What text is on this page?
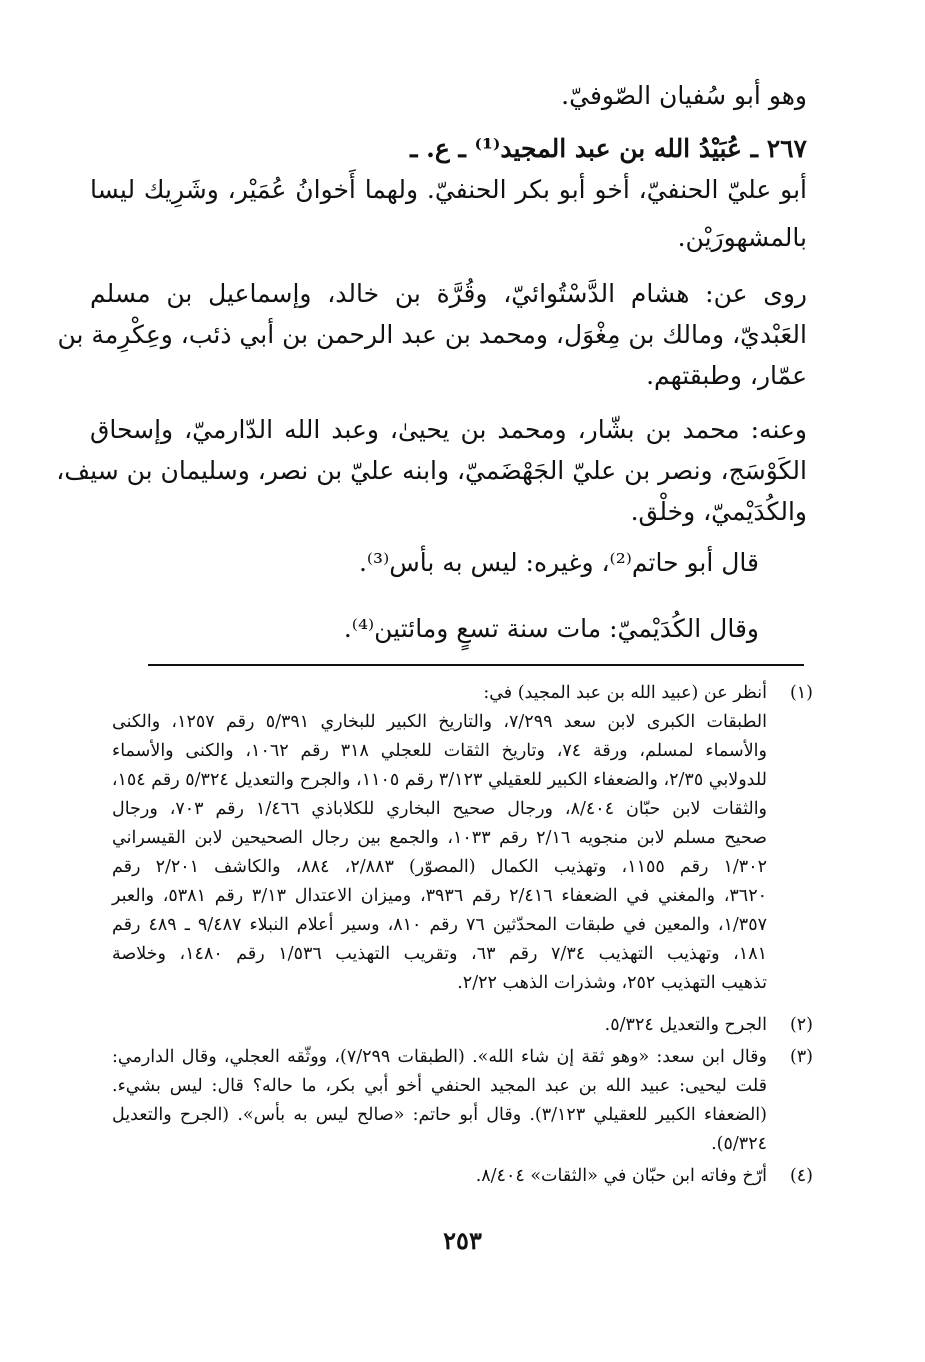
وهو أبو سُفيان الصّوفيّ.
٢٦٧ ـ عُبَيْدُ الله بن عبد المجيد⁽¹⁾ ـ ع. ـ
أبو عليّ الحنفيّ، أخو أبو بكر الحنفيّ. ولهما أَخوانُ عُمَيْر، وشَرِيك ليسا
بالمشهورَيْن.
روى عن: هشام الدَّسْتُوائيّ، وقُرَّة بن خالد، وإسماعيل بن مسلم
العَبْديّ، ومالك بن مِغْوَل، ومحمد بن عبد الرحمن بن أبي ذئب، وعِكْرِمة بن
عمّار، وطبقتهم.
وعنه: محمد بن بشّار، ومحمد بن يحيىٰ، وعبد الله الدّارميّ، وإسحاق
الكَوْسَج، ونصر بن عليّ الجَهْضَميّ، وابنه عليّ بن نصر، وسليمان بن سيف،
والكُدَيْميّ، وخلْق.
قال أبو حاتم⁽²⁾، وغيره: ليس به بأس⁽³⁾.
وقال الكُدَيْميّ: مات سنة تسعٍ ومائتين⁽⁴⁾.
(١)
أنظر عن (عبيد الله بن عبد المجيد) في:
الطبقات الكبرى لابن سعد ٧/٢٩٩، والتاريخ الكبير للبخاري ٥/٣٩١ رقم ١٢٥٧، والكنى
والأسماء لمسلم، ورقة ٧٤، وتاريخ الثقات للعجلي ٣١٨ رقم ١٠٦٢، والكنى والأسماء
للدولابي ٢/٣٥، والضعفاء الكبير للعقيلي ٣/١٢٣ رقم ١١٠٥، والجرح والتعديل ٥/٣٢٤ رقم ١٥٤،
والثقات لابن حبّان ٨/٤٠٤، ورجال صحيح البخاري للكلاباذي ١/٤٦٦ رقم ٧٠٣، ورجال
صحيح مسلم لابن منجويه ٢/١٦ رقم ١٠٣٣، والجمع بين رجال الصحيحين لابن القيسراني
١/٣٠٢ رقم ١١٥٥، وتهذيب الكمال (المصوّر) ٢/٨٨٣، ٨٨٤، والكاشف ٢/٢٠١ رقم
٣٦٢٠، والمغني في الضعفاء ٢/٤١٦ رقم ٣٩٣٦، وميزان الاعتدال ٣/١٣ رقم ٥٣٨١، والعبر
١/٣٥٧، والمعين في طبقات المحدّثين ٧٦ رقم ٨١٠، وسير أعلام النبلاء ٩/٤٨٧ ـ ٤٨٩ رقم
١٨١، وتهذيب التهذيب ٧/٣٤ رقم ٦٣، وتقريب التهذيب ١/٥٣٦ رقم ١٤٨٠، وخلاصة
تذهيب التهذيب ٢٥٢، وشذرات الذهب ٢/٢٢.
(٢)
الجرح والتعديل ٥/٣٢٤.
(٣)
وقال ابن سعد: «وهو ثقة إن شاء الله». (الطبقات ٧/٢٩٩)، ووثّقه العجلي، وقال الدارمي:
قلت ليحيى: عبيد الله بن عبد المجيد الحنفي أخو أبي بكر، ما حاله؟ قال: ليس بشيء.
(الضعفاء الكبير للعقيلي ٣/١٢٣). وقال أبو حاتم: «صالح ليس به بأس». (الجرح والتعديل
٥/٣٢٤).
(٤)
أرّخ وفاته ابن حبّان في «الثقات» ٨/٤٠٤.
٢٥٣
